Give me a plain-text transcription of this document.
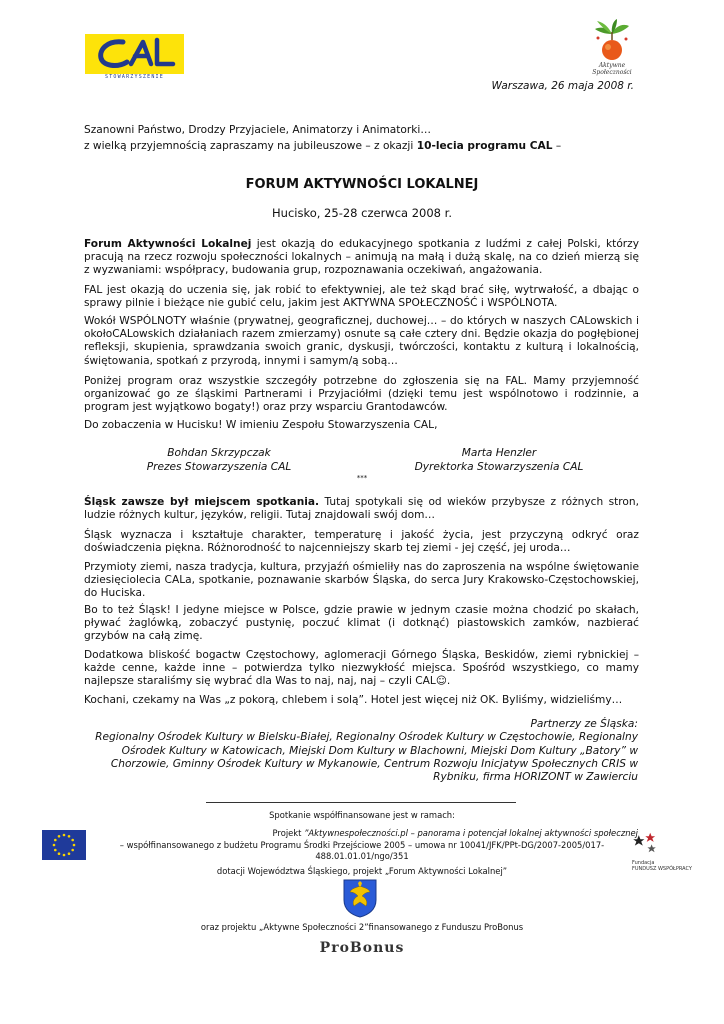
STOWARZYSZENIE
Aktywne
Społeczności
Warszawa, 26 maja 2008 r.

Szanowni Państwo, Drodzy Przyjaciele, Animatorzy i Animatorki…

z wielką przyjemnością zapraszamy na jubileuszowe – z okazji 10-lecia programu CAL –

FORUM AKTYWNOŚCI LOKALNEJ
Hucisko, 25-28 czerwca 2008 r.

Forum Aktywności Lokalnej jest okazją do edukacyjnego spotkania z ludźmi z całej Polski, którzy pracują na rzecz rozwoju społeczności lokalnych – animują na małą i dużą skalę, na co dzień mierzą się z wyzwaniami: współpracy, budowania grup, rozpoznawania oczekiwań, angażowania.

FAL jest okazją do uczenia się, jak robić to efektywniej, ale też skąd brać siłę, wytrwałość, a dbając o sprawy pilnie i bieżące nie gubić celu, jakim jest AKTYWNA SPOŁECZNOŚĆ i WSPÓLNOTA.

Wokół WSPÓLNOTY właśnie (prywatnej, geograficznej, duchowej… – do których w naszych CALowskich i okołoCALowskich działaniach razem zmierzamy) osnute są całe cztery dni. Będzie okazja do pogłębionej refleksji, skupienia, sprawdzania swoich granic, dyskusji, twórczości, kontaktu z kulturą i lokalnością, świętowania, spotkań z przyrodą, innymi i samym/ą sobą…

Poniżej program oraz wszystkie szczegóły potrzebne do zgłoszenia się na FAL. Mamy przyjemność organizować go ze śląskimi Partnerami i Przyjaciółmi (dzięki temu jest wspólnotowo i rodzinnie, a program jest wyjątkowo bogaty!) oraz przy wsparciu Grantodawców.

Do zobaczenia w Hucisku! W imieniu Zespołu Stowarzyszenia CAL,

Bohdan Skrzypczak
Prezes Stowarzyszenia CAL
Marta Henzler
Dyrektorka Stowarzyszenia CAL
***

Śląsk zawsze był miejscem spotkania. Tutaj spotykali się od wieków przybysze z różnych stron, ludzie różnych kultur, języków, religii. Tutaj znajdowali swój dom…

Śląsk wyznacza i kształtuje charakter, temperaturę i jakość życia, jest przyczyną odkryć oraz doświadczenia piękna. Różnorodność to najcenniejszy skarb tej ziemi - jej część, jej uroda…

Przymioty ziemi, nasza tradycja, kultura, przyjaźń ośmieliły nas do zaproszenia na wspólne świętowanie dziesięciolecia CALa, spotkanie, poznawanie skarbów Śląska, do serca Jury Krakowsko-Częstochowskiej, do Huciska.

Bo to też Śląsk! I jedyne miejsce w Polsce, gdzie prawie w jednym czasie można chodzić po skałach, pływać żaglówką, zobaczyć pustynię, poczuć klimat (i dotknąć) piastowskich zamków, nazbierać grzybów na całą zimę.

Dodatkowa bliskość bogactw Częstochowy, aglomeracji Górnego Śląska, Beskidów, ziemi rybnickiej – każde cenne, każde inne – potwierdza tylko niezwykłość miejsca. Spośród wszystkiego, co mamy najlepsze staraliśmy się wybrać dla Was to naj, naj, naj – czyli CAL☺.

Kochani, czekamy na Was „z pokorą, chlebem i solą”. Hotel jest więcej niż OK. Byliśmy, widzieliśmy…

Partnerzy ze Śląska:
Regionalny Ośrodek Kultury w Bielsku-Białej, Regionalny Ośrodek Kultury w Częstochowie, Regionalny Ośrodek Kultury w Katowicach, Miejski Dom Kultury w Blachowni, Miejski Dom Kultury „Batory” w Chorzowie, Gminny Ośrodek Kultury w Mykanowie, Centrum Rozwoju Inicjatyw Społecznych CRIS w Rybniku, firma HORIZONT w Zawierciu
Spotkanie współfinansowane jest w ramach:
Projekt ”Aktywnespołeczności.pl – panorama i potencjał lokalnej aktywności społecznej
– współfinansowanego z budżetu Programu Środki Przejściowe 2005 – umowa nr 10041/JFK/PPt-DG/2007-2005/017-488.01.01.01/ngo/351
Fundacja
FUNDUSZ WSPÓŁPRACY
dotacji Województwa Śląskiego, projekt „Forum Aktywności Lokalnej”
oraz projektu „Aktywne Społeczności 2”finansowanego z Funduszu ProBonus
ProBonus
